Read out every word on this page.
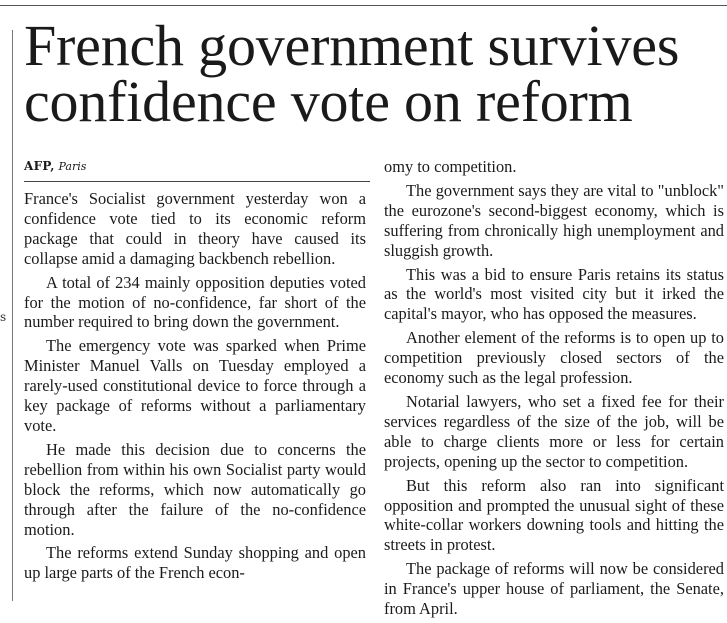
s
French government survives confidence vote on reform
AFP, Paris

France's Socialist government yesterday won a confidence vote tied to its economic reform package that could in theory have caused its collapse amid a damaging backbench rebellion.

A total of 234 mainly opposition deputies voted for the motion of no-confidence, far short of the number required to bring down the government.

The emergency vote was sparked when Prime Minister Manuel Valls on Tuesday employed a rarely-used constitutional device to force through a key package of reforms without a parliamentary vote.

He made this decision due to concerns the rebellion from within his own Socialist party would block the reforms, which now automatically go through after the failure of the no-confidence motion.

The reforms extend Sunday shopping and open up large parts of the French econ-

omy to competition.

The government says they are vital to "unblock" the eurozone's second-biggest economy, which is suffering from chronically high unemployment and sluggish growth.

This was a bid to ensure Paris retains its status as the world's most visited city but it irked the capital's mayor, who has opposed the measures.

Another element of the reforms is to open up to competition previously closed sectors of the economy such as the legal profession.

Notarial lawyers, who set a fixed fee for their services regardless of the size of the job, will be able to charge clients more or less for certain projects, opening up the sector to competition.

But this reform also ran into significant opposition and prompted the unusual sight of these white-collar workers downing tools and hitting the streets in protest.

The package of reforms will now be considered in France's upper house of parliament, the Senate, from April.
